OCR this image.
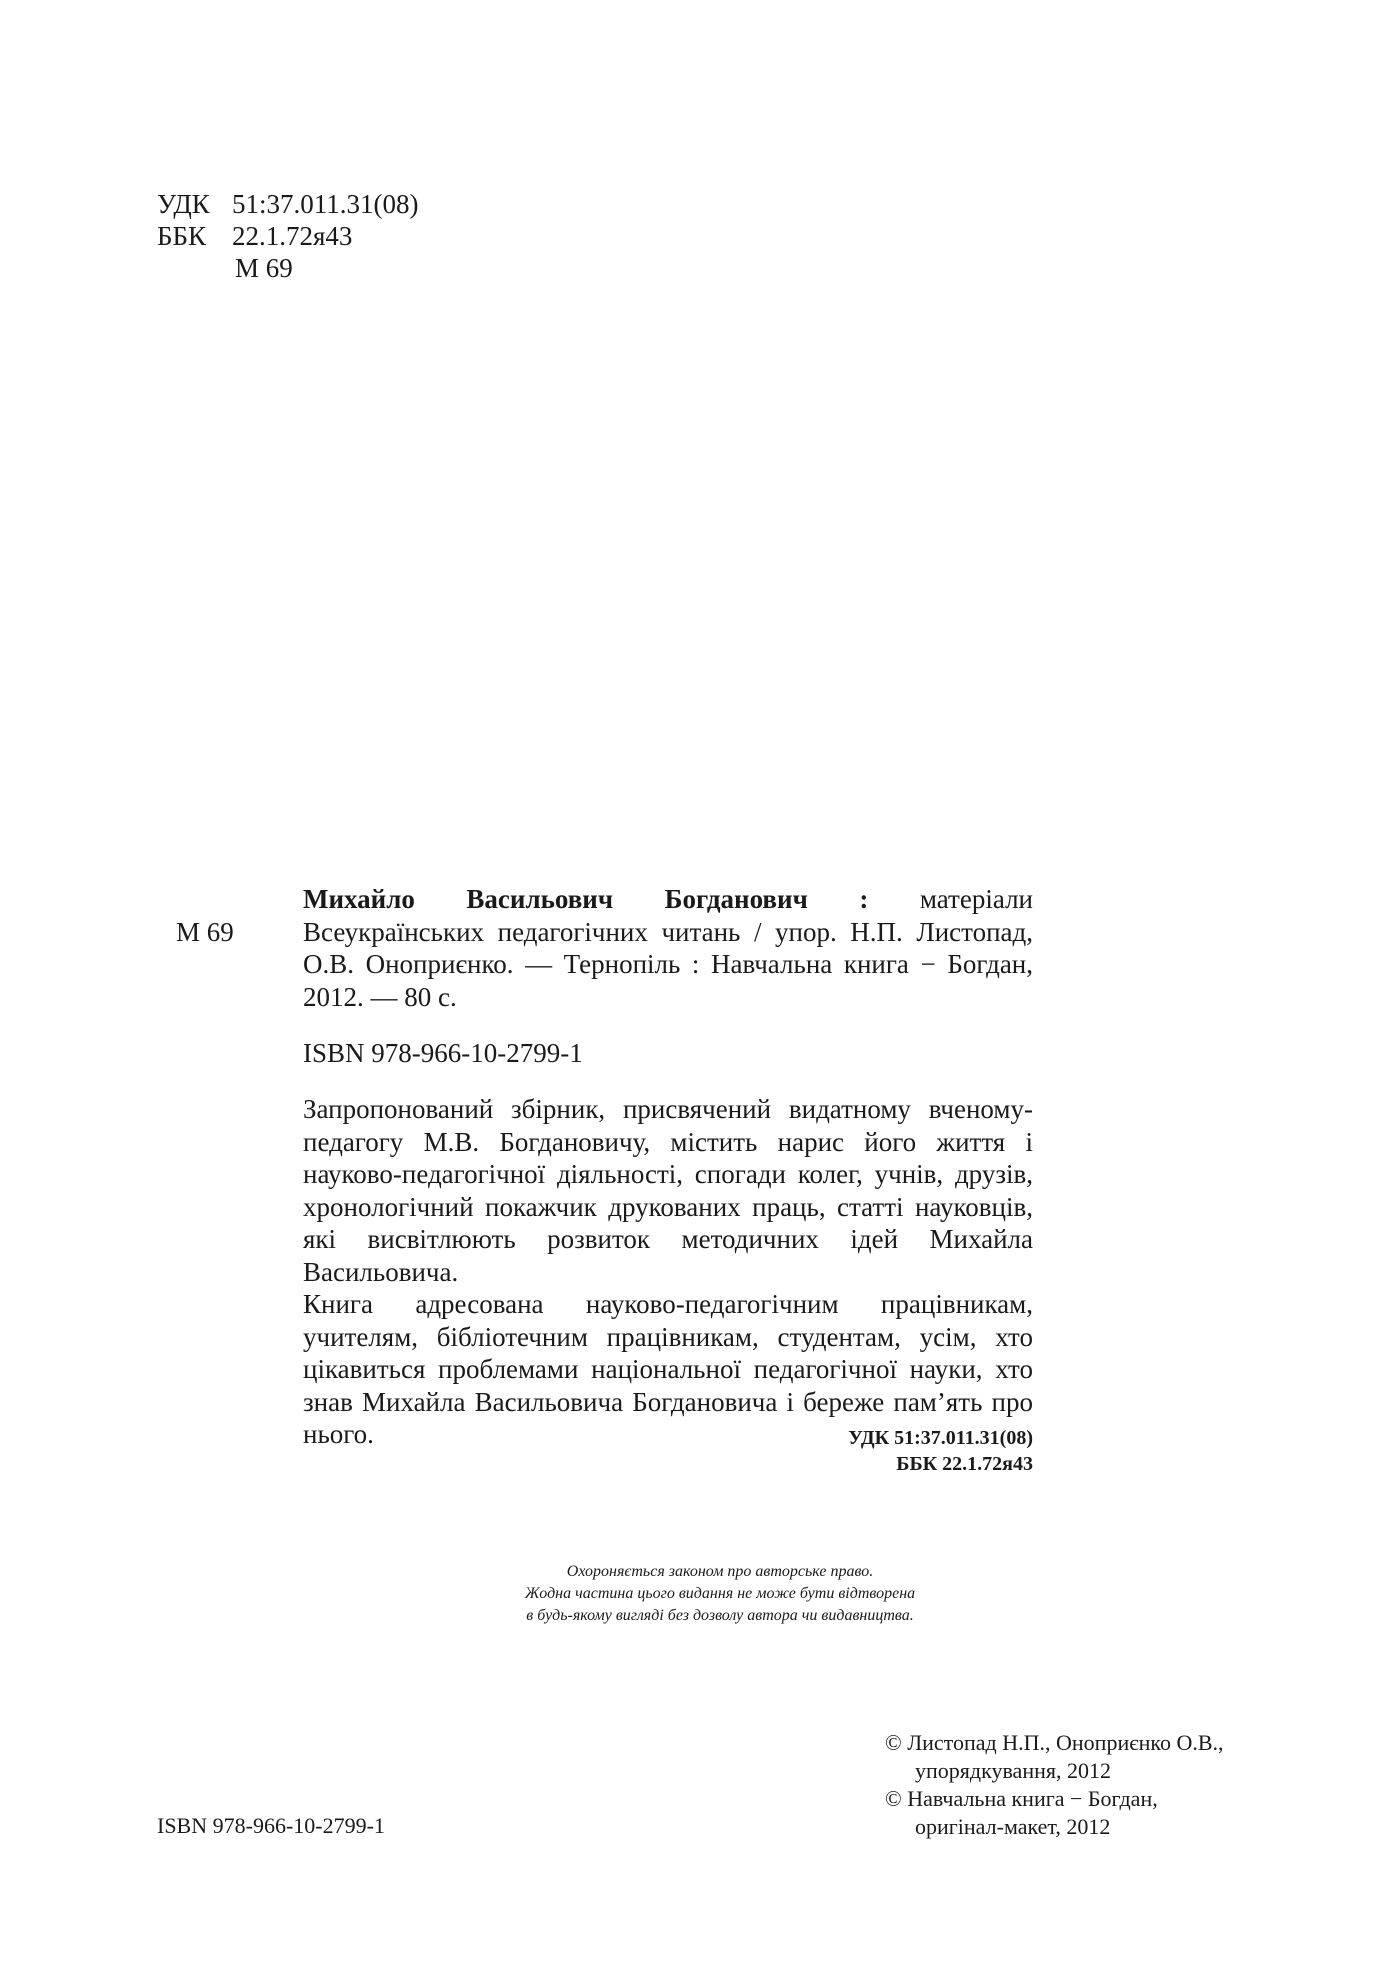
УДК 51:37.011.31(08)
ББК 22.1.72я43
М 69
М 69

Михайло Васильович Богданович : матеріали Всеукраїнських педагогічних читань / упор. Н.П. Листопад, О.В. Оноприєнко. — Тернопіль : Навчальна книга − Богдан, 2012. — 80 с.

ISBN 978-966-10-2799-1

Запропонований збірник, присвячений видатному вченому-педагогу М.В. Богдановичу, містить нарис його життя і науково-педагогічної діяльності, спогади колег, учнів, друзів, хронологічний покажчик друкованих праць, статті науковців, які висвітлюють розвиток методичних ідей Михайла Васильовича.

Книга адресована науково-педагогічним працівникам, учителям, бібліотечним працівникам, студентам, усім, хто цікавиться проблемами національної педагогічної науки, хто знав Михайла Васильовича Богдановича і береже пам’ять про нього.	УДК 51:37.011.31(08)
ББК 22.1.72я43
Охороняється законом про авторське право.
Жодна частина цього видання не може бути відтворена
в будь-якому вигляді без дозволу автора чи видавництва.
ISBN 978-966-10-2799-1
© Листопад Н.П., Оноприєнко О.В.,
упорядкування, 2012
© Навчальна книга − Богдан,
оригінал-макет, 2012
